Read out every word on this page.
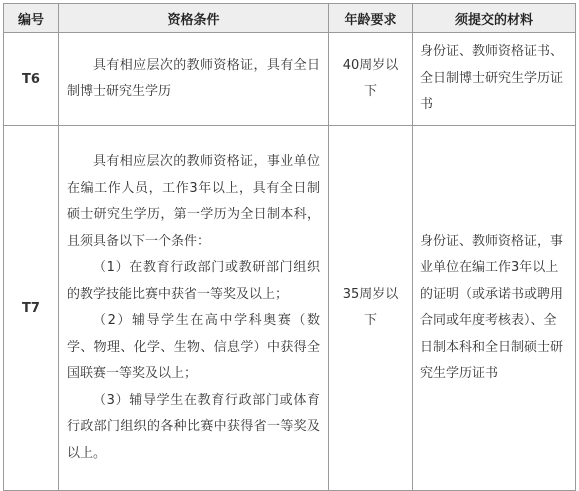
编号	资格条件	年龄要求	须提交的材料
T6	具有相应层次的教师资格证，具有全日制博士研究生学历	40周岁以下	身份证、教师资格证书、全日制博士研究生学历证书
T7	具有相应层次的教师资格证，事业单位在编工作人员，工作3年以上，具有全日制硕士研究生学历，第一学历为全日制本科，且须具备以下一个条件：

（1）在教育行政部门或教研部门组织的教学技能比赛中获省一等奖及以上；

（2）辅导学生在高中学科奥赛（数学、物理、化学、生物、信息学）中获得全国联赛一等奖及以上；

（3）辅导学生在教育行政部门或体育行政部门组织的各种比赛中获得省一等奖及以上。	35周岁以下	身份证、教师资格证，事业单位在编工作3年以上的证明（或承诺书或聘用合同或年度考核表）、全日制本科和全日制硕士研究生学历证书
